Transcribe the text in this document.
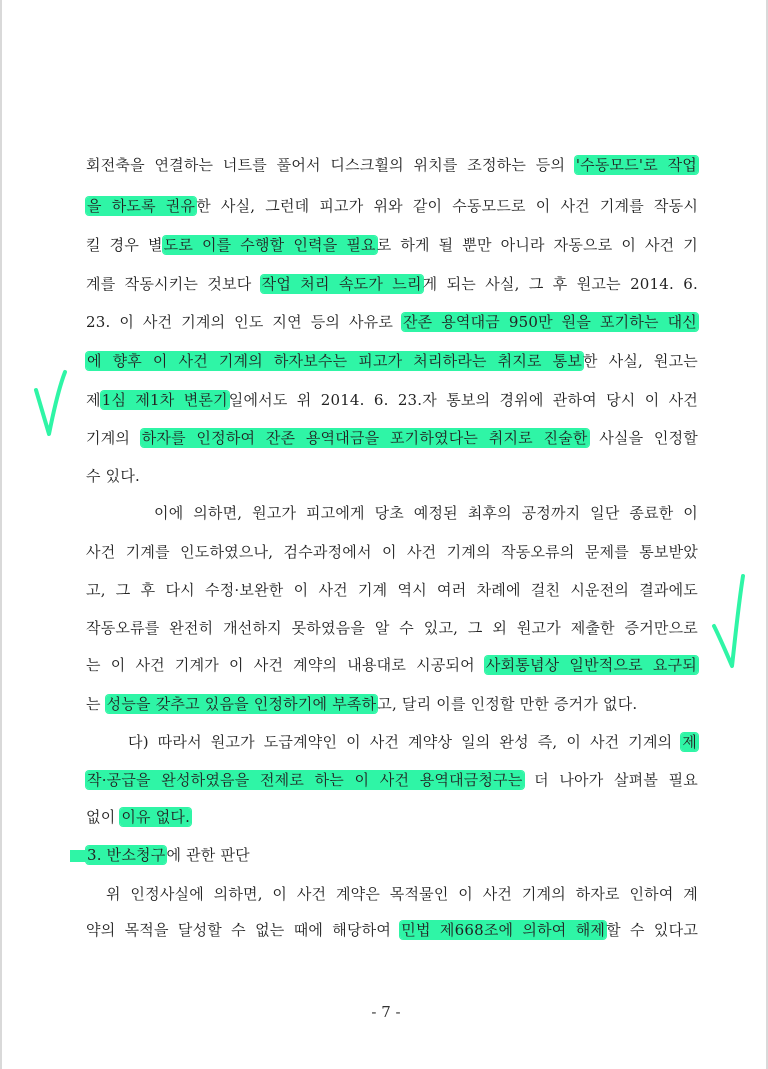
회전축을 연결하는 너트를 풀어서 디스크휠의 위치를 조정하는 등의 '수동모드'로 작업
을 하도록 권유한 사실, 그런데 피고가 위와 같이 수동모드로 이 사건 기계를 작동시
킬 경우 별도로 이를 수행할 인력을 필요로 하게 될 뿐만 아니라 자동으로 이 사건 기
계를 작동시키는 것보다 작업 처리 속도가 느리게 되는 사실, 그 후 원고는 2014. 6.
23. 이 사건 기계의 인도 지연 등의 사유로 잔존 용역대금 950만 원을 포기하는 대신
에 향후 이 사건 기계의 하자보수는 피고가 처리하라는 취지로 통보한 사실, 원고는
제1심 제1차 변론기일에서도 위 2014. 6. 23.자 통보의 경위에 관하여 당시 이 사건
기계의 하자를 인정하여 잔존 용역대금을 포기하였다는 취지로 진술한 사실을 인정할
수 있다.
이에 의하면, 원고가 피고에게 당초 예정된 최후의 공정까지 일단 종료한 이
사건 기계를 인도하였으나, 검수과정에서 이 사건 기계의 작동오류의 문제를 통보받았
고, 그 후 다시 수정·보완한 이 사건 기계 역시 여러 차례에 걸친 시운전의 결과에도
작동오류를 완전히 개선하지 못하였음을 알 수 있고, 그 외 원고가 제출한 증거만으로
는 이 사건 기계가 이 사건 계약의 내용대로 시공되어 사회통념상 일반적으로 요구되
는 성능을 갖추고 있음을 인정하기에 부족하고, 달리 이를 인정할 만한 증거가 없다.
다) 따라서 원고가 도급계약인 이 사건 계약상 일의 완성 즉, 이 사건 기계의 제
작·공급을 완성하였음을 전제로 하는 이 사건 용역대금청구는 더 나아가 살펴볼 필요
없이 이유 없다.
3. 반소청구에 관한 판단
위 인정사실에 의하면, 이 사건 계약은 목적물인 이 사건 기계의 하자로 인하여 계
약의 목적을 달성할 수 없는 때에 해당하여 민법 제668조에 의하여 해제할 수 있다고
- 7 -
